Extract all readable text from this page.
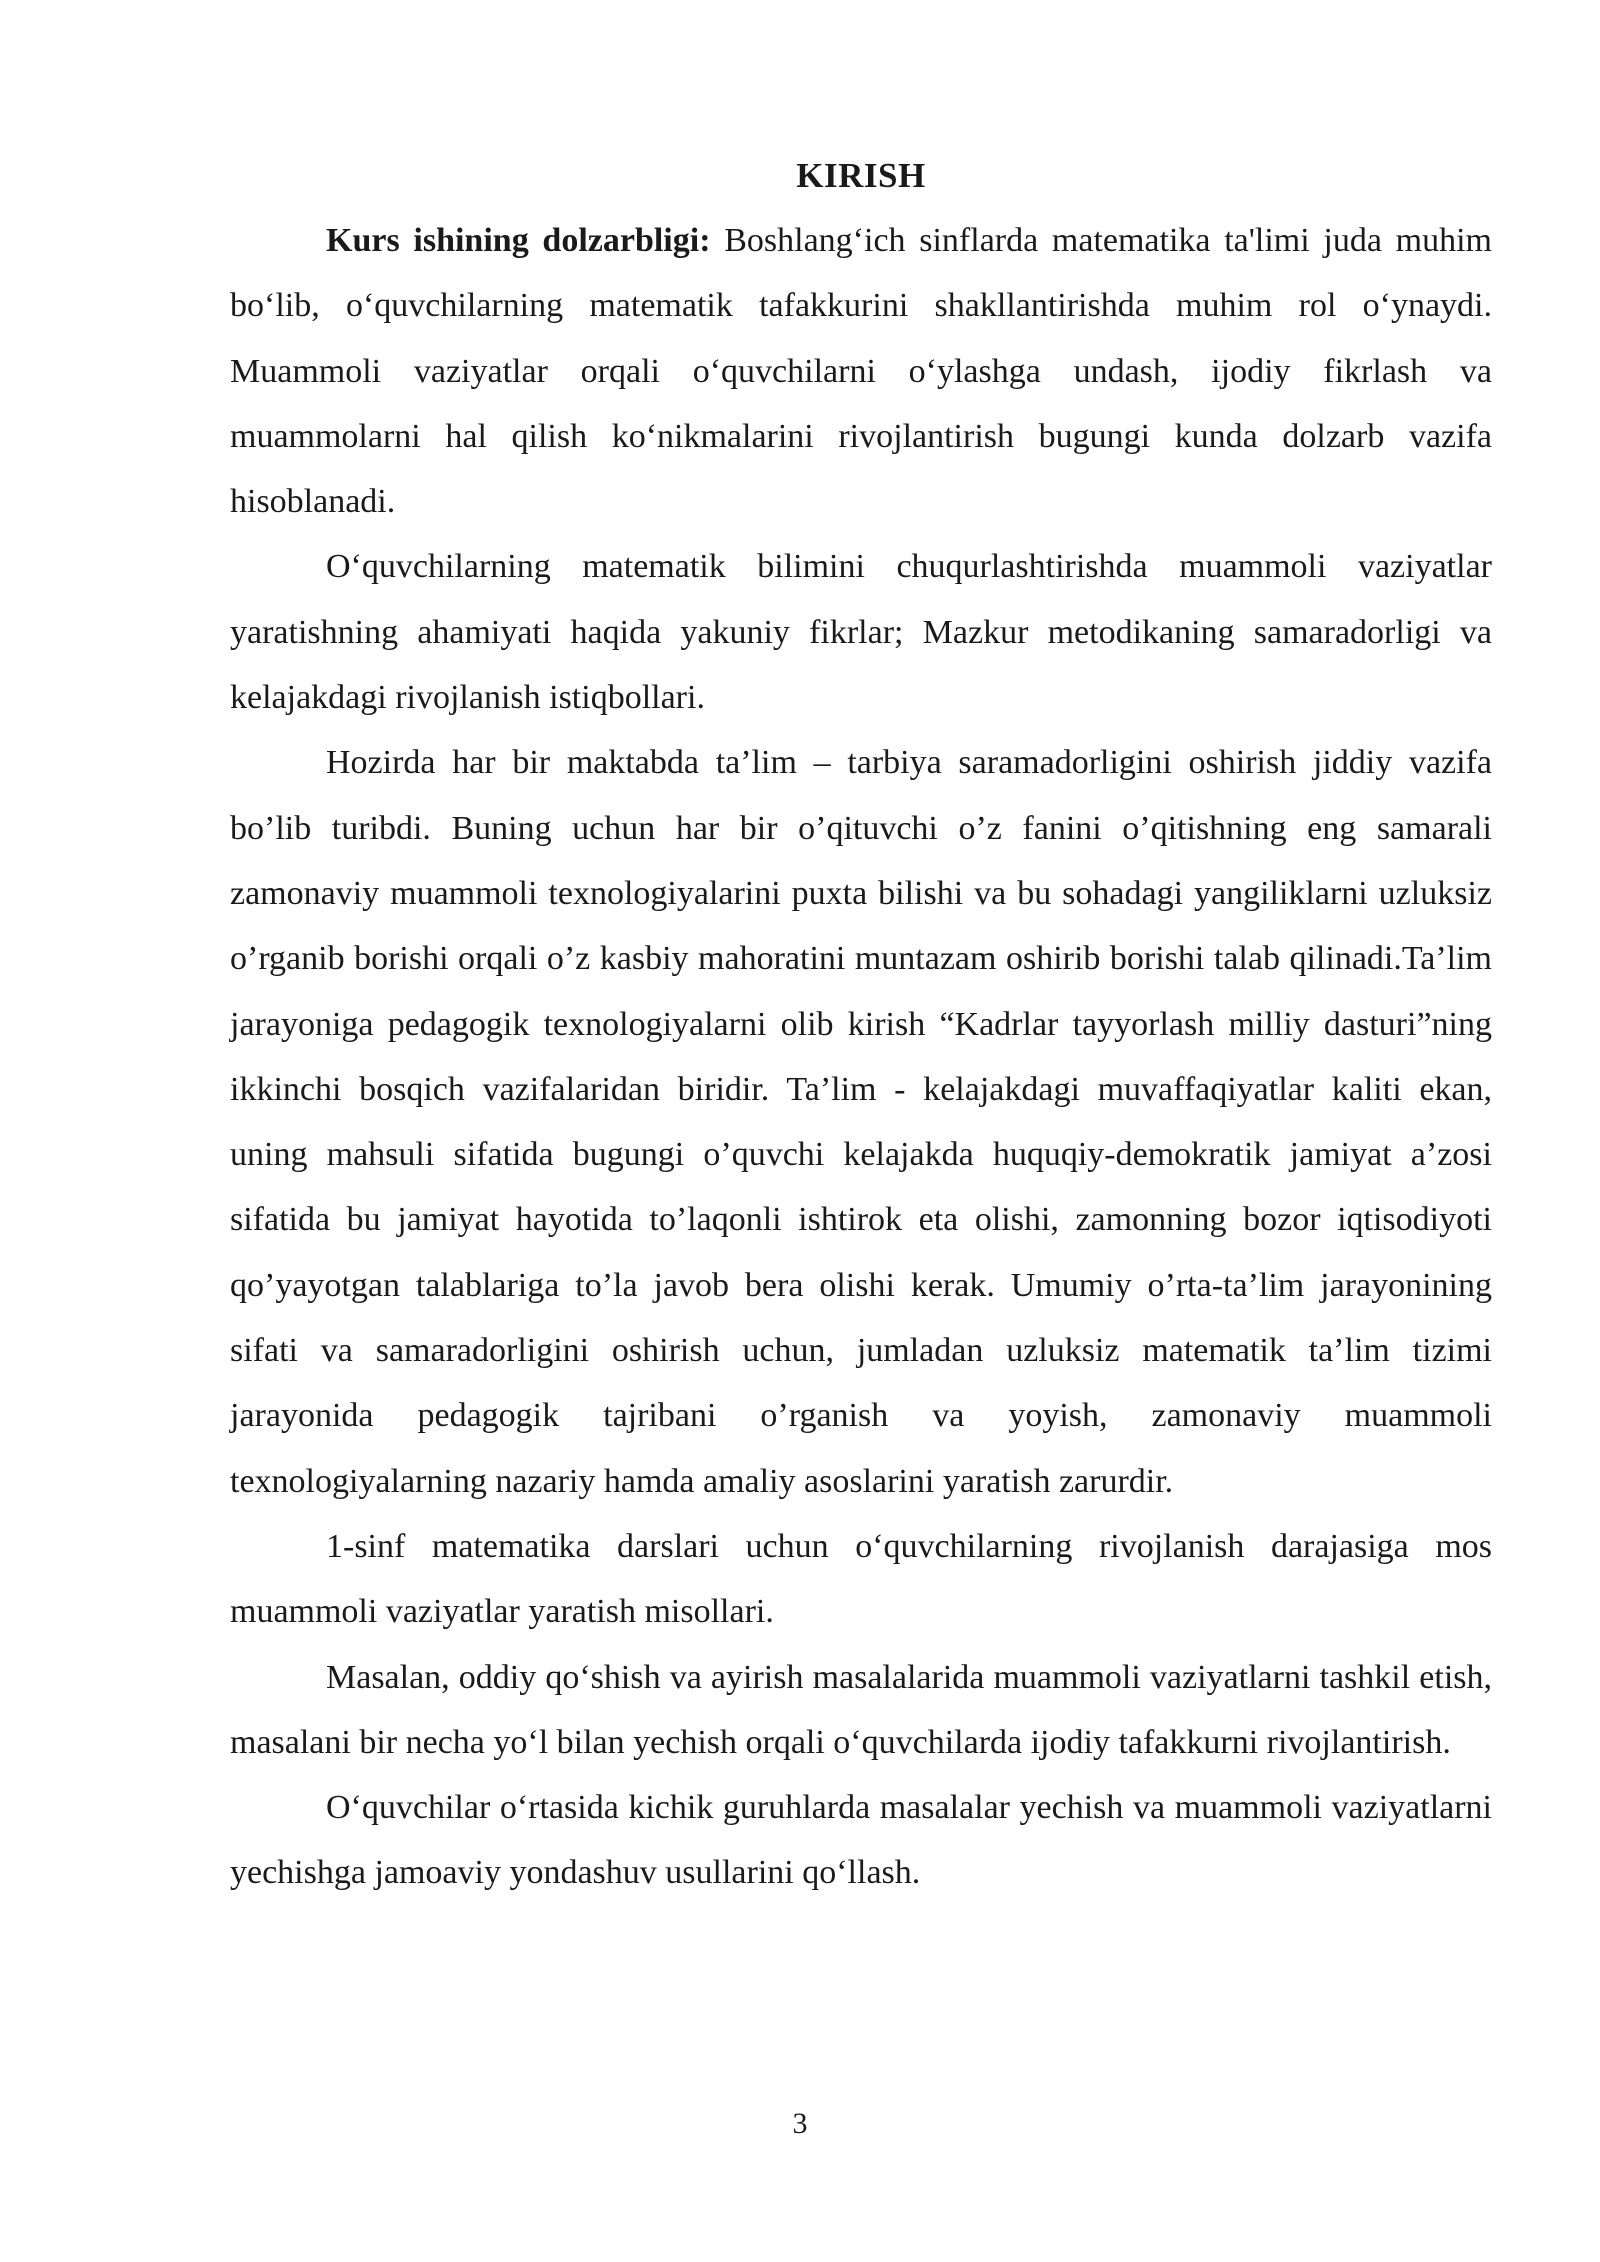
KIRISH

Kurs ishining dolzarbligi: Boshlang‘ich sinflarda matematika ta'limi juda muhim bo‘lib, o‘quvchilarning matematik tafakkurini shakllantirishda muhim rol o‘ynaydi. Muammoli vaziyatlar orqali o‘quvchilarni o‘ylashga undash, ijodiy fikrlash va muammolarni hal qilish ko‘nikmalarini rivojlantirish bugungi kunda dolzarb vazifa hisoblanadi.

O‘quvchilarning matematik bilimini chuqurlashtirishda muammoli vaziyatlar yaratishning ahamiyati haqida yakuniy fikrlar; Mazkur metodikaning samaradorligi va kelajakdagi rivojlanish istiqbollari.

Hozirda har bir maktabda ta’lim – tarbiya saramadorligini oshirish jiddiy vazifa bo’lib turibdi. Buning uchun har bir o’qituvchi o’z fanini o’qitishning eng samarali zamonaviy muammoli texnologiyalarini puxta bilishi va bu sohadagi yangiliklarni uzluksiz o’rganib borishi orqali o’z kasbiy mahoratini muntazam oshirib borishi talab qilinadi.Ta’lim jarayoniga pedagogik texnologiyalarni olib kirish “Kadrlar tayyorlash milliy dasturi”ning ikkinchi bosqich vazifalaridan biridir. Ta’lim - kelajakdagi muvaffaqiyatlar kaliti ekan, uning mahsuli sifatida bugungi o’quvchi kelajakda huquqiy-demokratik jamiyat a’zosi sifatida bu jamiyat hayotida to’laqonli ishtirok eta olishi, zamonning bozor iqtisodiyoti qo’yayotgan talablariga to’la javob bera olishi kerak. Umumiy o’rta-ta’lim jarayonining sifati va samaradorligini oshirish uchun, jumladan uzluksiz matematik ta’lim tizimi jarayonida pedagogik tajribani o’rganish va yoyish, zamonaviy muammoli texnologiyalarning nazariy hamda amaliy asoslarini yaratish zarurdir.

1-sinf matematika darslari uchun o‘quvchilarning rivojlanish darajasiga mos muammoli vaziyatlar yaratish misollari.

Masalan, oddiy qo‘shish va ayirish masalalarida muammoli vaziyatlarni tashkil etish, masalani bir necha yo‘l bilan yechish orqali o‘quvchilarda ijodiy tafakkurni rivojlantirish.

O‘quvchilar o‘rtasida kichik guruhlarda masalalar yechish va muammoli vaziyatlarni yechishga jamoaviy yondashuv usullarini qo‘llash.

3
